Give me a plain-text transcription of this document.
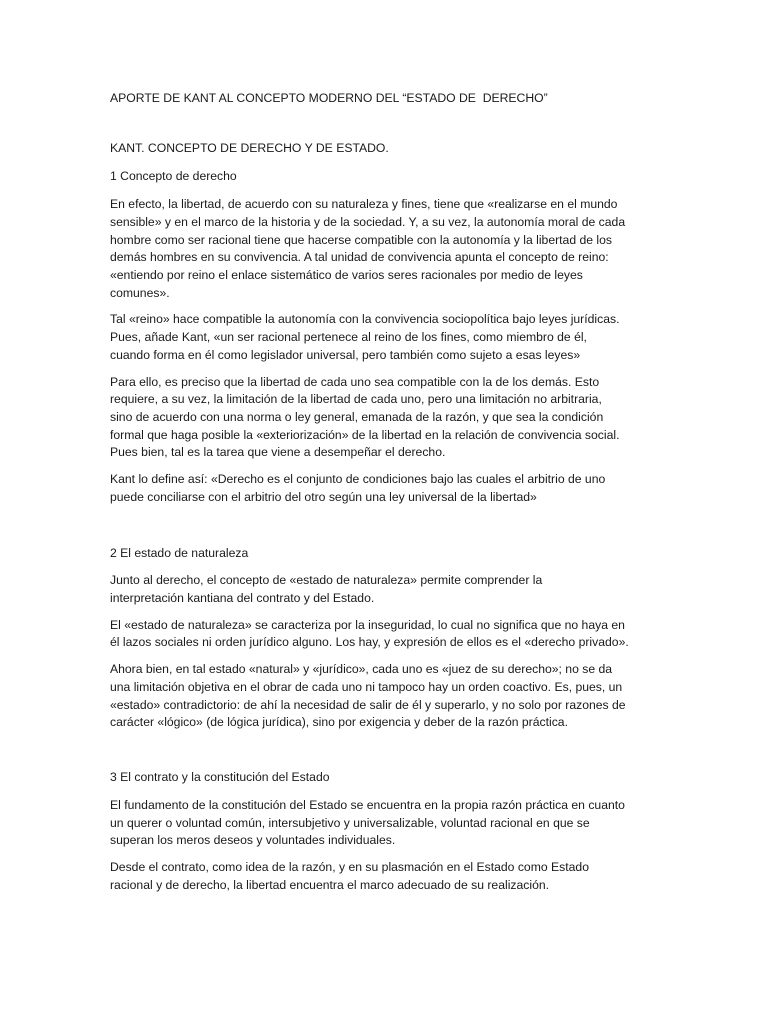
APORTE DE KANT AL CONCEPTO MODERNO DEL “ESTADO DE  DERECHO”

KANT. CONCEPTO DE DERECHO Y DE ESTADO.

1 Concepto de derecho

En efecto, la libertad, de acuerdo con su naturaleza y fines, tiene que «realizarse en el mundo

sensible» y en el marco de la historia y de la sociedad. Y, a su vez, la autonomía moral de cada

hombre como ser racional tiene que hacerse compatible con la autonomía y la libertad de los

demás hombres en su convivencia. A tal unidad de convivencia apunta el concepto de reino:

«entiendo por reino el enlace sistemático de varios seres racionales por medio de leyes

comunes».

Tal «reino» hace compatible la autonomía con la convivencia sociopolítica bajo leyes jurídicas.

Pues, añade Kant, «un ser racional pertenece al reino de los fines, como miembro de él,

cuando forma en él como legislador universal, pero también como sujeto a esas leyes»

Para ello, es preciso que la libertad de cada uno sea compatible con la de los demás. Esto

requiere, a su vez, la limitación de la libertad de cada uno, pero una limitación no arbitraria,

sino de acuerdo con una norma o ley general, emanada de la razón, y que sea la condición

formal que haga posible la «exteriorización» de la libertad en la relación de convivencia social.

Pues bien, tal es la tarea que viene a desempeñar el derecho.

Kant lo define así: «Derecho es el conjunto de condiciones bajo las cuales el arbitrio de uno

puede conciliarse con el arbitrio del otro según una ley universal de la libertad»

2 El estado de naturaleza

Junto al derecho, el concepto de «estado de naturaleza» permite comprender la

interpretación kantiana del contrato y del Estado.

El «estado de naturaleza» se caracteriza por la inseguridad, lo cual no significa que no haya en

él lazos sociales ni orden jurídico alguno. Los hay, y expresión de ellos es el «derecho privado».

Ahora bien, en tal estado «natural» y «jurídico», cada uno es «juez de su derecho»; no se da

una limitación objetiva en el obrar de cada uno ni tampoco hay un orden coactivo. Es, pues, un

«estado» contradictorio: de ahí la necesidad de salir de él y superarlo, y no solo por razones de

carácter «lógico» (de lógica jurídica), sino por exigencia y deber de la razón práctica.

3 El contrato y la constitución del Estado

El fundamento de la constitución del Estado se encuentra en la propia razón práctica en cuanto

un querer o voluntad común, intersubjetivo y universalizable, voluntad racional en que se

superan los meros deseos y voluntades individuales.

Desde el contrato, como idea de la razón, y en su plasmación en el Estado como Estado

racional y de derecho, la libertad encuentra el marco adecuado de su realización.
